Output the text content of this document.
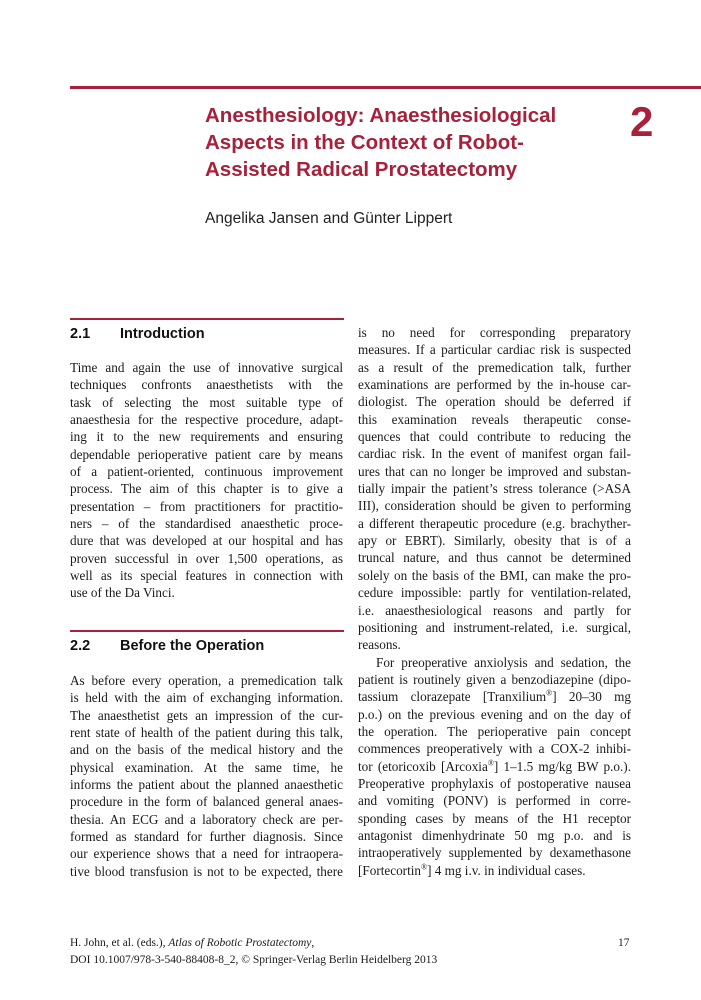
Anesthesiology: Anaesthesiological
Aspects in the Context of Robot-
Assisted Radical Prostatectomy
2
Angelika Jansen and Günter Lippert
2.1 Introduction
Time and again the use of innovative surgical
techniques confronts anaesthetists with the
task of selecting the most suitable type of
anaesthesia for the respective procedure, adapt-
ing it to the new requirements and ensuring
dependable perioperative patient care by means
of a patient-oriented, continuous improvement
process. The aim of this chapter is to give a
presentation – from practitioners for practitio-
ners – of the standardised anaesthetic proce-
dure that was developed at our hospital and has
proven successful in over 1,500 operations, as
well as its special features in connection with
use of the Da Vinci.
2.2 Before the Operation
As before every operation, a premedication talk
is held with the aim of exchanging information.
The anaesthetist gets an impression of the cur-
rent state of health of the patient during this talk,
and on the basis of the medical history and the
physical examination. At the same time, he
informs the patient about the planned anaesthetic
procedure in the form of balanced general anaes-
thesia. An ECG and a laboratory check are per-
formed as standard for further diagnosis. Since
our experience shows that a need for intraopera-
tive blood transfusion is not to be expected, there
is no need for corresponding preparatory
measures. If a particular cardiac risk is suspected
as a result of the premedication talk, further
examinations are performed by the in-house car-
diologist. The operation should be deferred if
this examination reveals therapeutic conse-
quences that could contribute to reducing the
cardiac risk. In the event of manifest organ fail-
ures that can no longer be improved and substan-
tially impair the patient’s stress tolerance (>ASA
III), consideration should be given to performing
a different therapeutic procedure (e.g. brachyther-
apy or EBRT). Similarly, obesity that is of a
truncal nature, and thus cannot be determined
solely on the basis of the BMI, can make the pro-
cedure impossible: partly for ventilation-related,
i.e. anaesthesiological reasons and partly for
positioning and instrument-related, i.e. surgical,
reasons.
For preoperative anxiolysis and sedation, the
patient is routinely given a benzodiazepine (dipo-
tassium clorazepate [Tranxilium®] 20–30 mg
p.o.) on the previous evening and on the day of
the operation. The perioperative pain concept
commences preoperatively with a COX-2 inhibi-
tor (etoricoxib [Arcoxia®] 1–1.5 mg/kg BW p.o.).
Preoperative prophylaxis of postoperative nausea
and vomiting (PONV) is performed in corre-
sponding cases by means of the H1 receptor
antagonist dimenhydrinate 50 mg p.o. and is
intraoperatively supplemented by dexamethasone
[Fortecortin®] 4 mg i.v. in individual cases.
H. John, et al. (eds.), Atlas of Robotic Prostatectomy,
DOI 10.1007/978-3-540-88408-8_2, © Springer-Verlag Berlin Heidelberg 2013
17
